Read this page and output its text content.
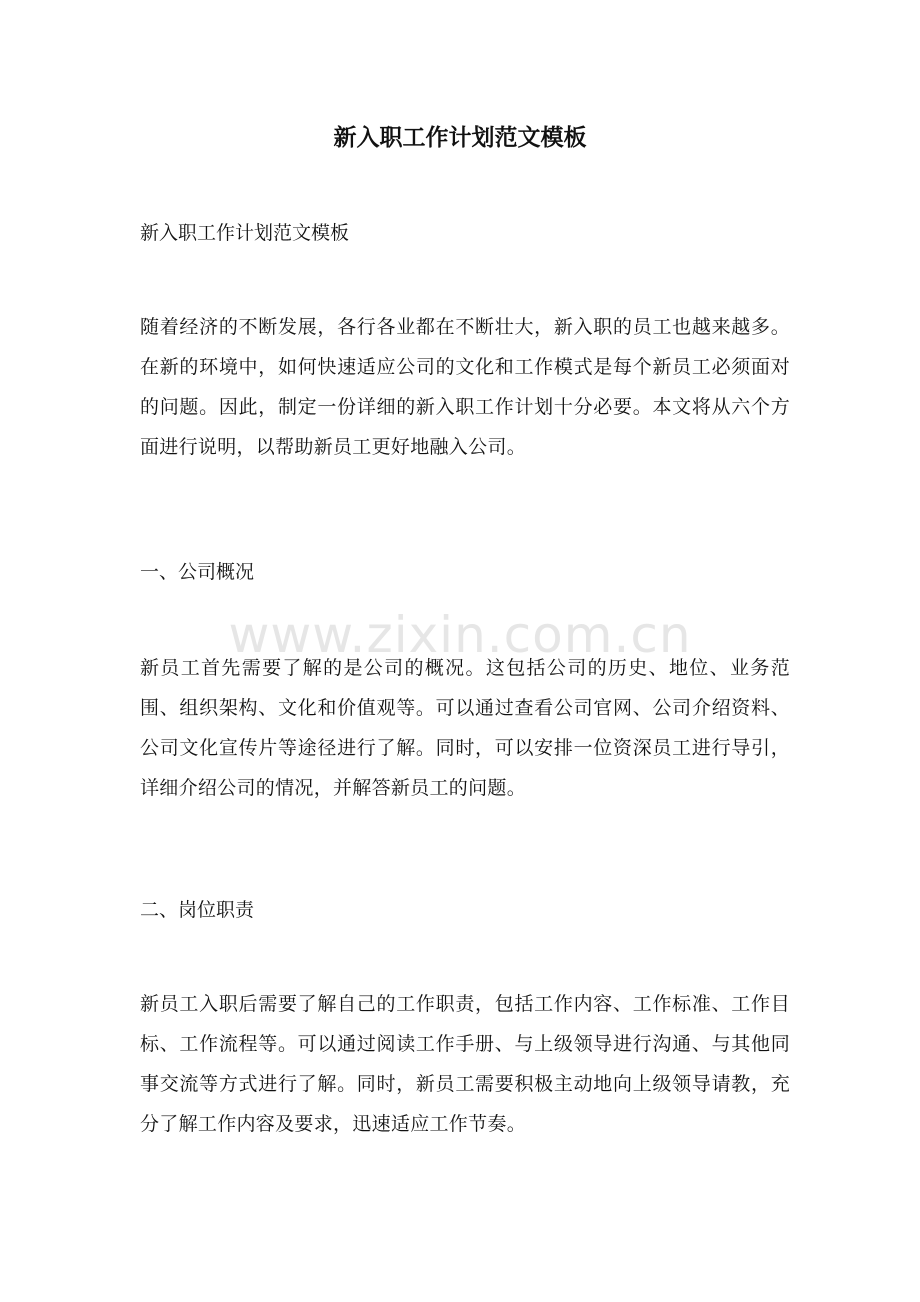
www.zixin.com.cn
新入职工作计划范文模板

新入职工作计划范文模板

随着经济的不断发展，各行各业都在不断壮大，新入职的员工也越来越多。在新的环境中，如何快速适应公司的文化和工作模式是每个新员工必须面对的问题。因此，制定一份详细的新入职工作计划十分必要。本文将从六个方面进行说明，以帮助新员工更好地融入公司。

一、公司概况

新员工首先需要了解的是公司的概况。这包括公司的历史、地位、业务范围、组织架构、文化和价值观等。可以通过查看公司官网、公司介绍资料、公司文化宣传片等途径进行了解。同时，可以安排一位资深员工进行导引，详细介绍公司的情况，并解答新员工的问题。

二、岗位职责

新员工入职后需要了解自己的工作职责，包括工作内容、工作标准、工作目标、工作流程等。可以通过阅读工作手册、与上级领导进行沟通、与其他同事交流等方式进行了解。同时，新员工需要积极主动地向上级领导请教，充分了解工作内容及要求，迅速适应工作节奏。
